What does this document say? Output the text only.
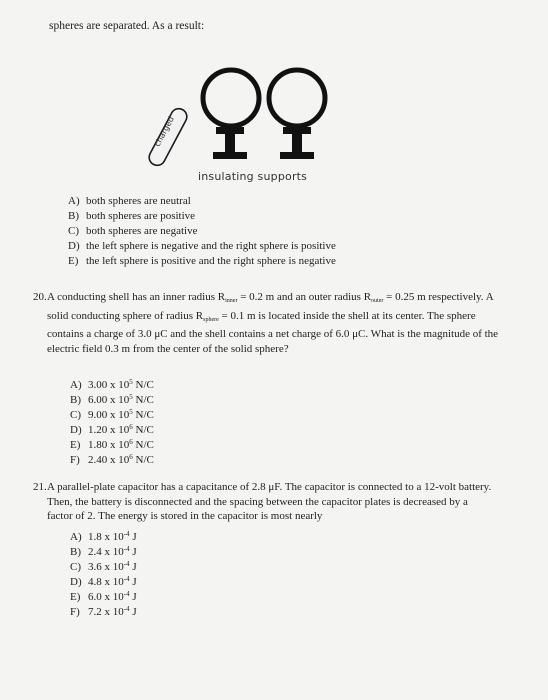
spheres are separated. As a result:
charged
insulating supports
A) both spheres are neutral
B) both spheres are positive
C) both spheres are negative
D) the left sphere is negative and the right sphere is positive
E) the left sphere is positive and the right sphere is negative
20. A conducting shell has an inner radius $R_{inner} = 0.2$ m and an outer radius $R_{outer} = 0.25$ m respectively. A solid conducting sphere of radius $R_{sphere} = 0.1$ m is located inside the shell at its center. The sphere contains a charge of 3.0 μC and the shell contains a net charge of 6.0 μC. What is the magnitude of the electric field 0.3 m from the center of the solid sphere?
A) 3.00 x $10^5$ N/C
B) 6.00 x $10^5$ N/C
C) 9.00 x $10^5$ N/C
D) 1.20 x $10^6$ N/C
E) 1.80 x $10^6$ N/C
F) 2.40 x $10^6$ N/C
21. A parallel-plate capacitor has a capacitance of 2.8 μF. The capacitor is connected to a 12-volt battery. Then, the battery is disconnected and the spacing between the capacitor plates is decreased by a factor of 2. The energy is stored in the capacitor is most nearly
A) 1.8 x $10^{-4}$ J
B) 2.4 x $10^{-4}$ J
C) 3.6 x $10^{-4}$ J
D) 4.8 x $10^{-4}$ J
E) 6.0 x $10^{-4}$ J
F) 7.2 x $10^{-4}$ J
